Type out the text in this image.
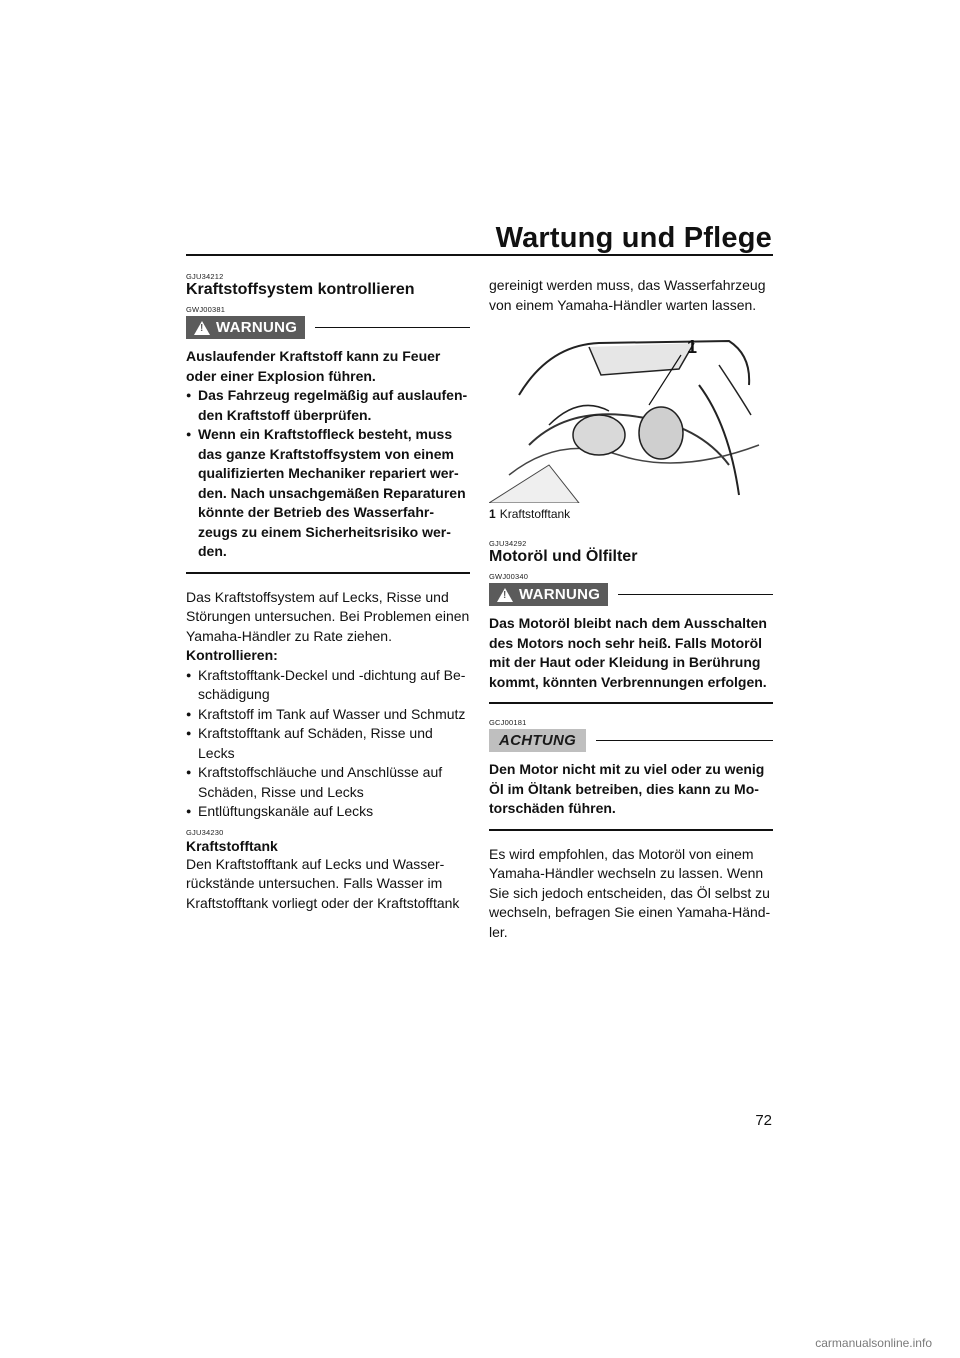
Wartung und Pflege
GJU34212
Kraftstoffsystem kontrollieren
GWJ00381
!
WARNUNG

Auslaufender Kraftstoff kann zu Feuer oder einer Explosion führen.

● Das Fahrzeug regelmäßig auf auslaufen-den Kraftstoff überprüfen.
● Wenn ein Kraftstoffleck besteht, muss das ganze Kraftstoffsystem von einem qualifizierten Mechaniker repariert wer-den. Nach unsachgemäßen Reparaturen könnte der Betrieb des Wasserfahr-zeugs zu einem Sicherheitsrisiko wer-den.

Das Kraftstoffsystem auf Lecks, Risse und Störungen untersuchen. Bei Problemen einen Yamaha-Händler zu Rate ziehen.

Kontrollieren:

● Kraftstofftank-Deckel und -dichtung auf Be-schädigung
● Kraftstoff im Tank auf Wasser und Schmutz
● Kraftstofftank auf Schäden, Risse und Lecks
● Kraftstoffschläuche und Anschlüsse auf Schäden, Risse und Lecks
● Entlüftungskanäle auf Lecks
GJU34230
Kraftstofftank

Den Kraftstofftank auf Lecks und Wasser-rückstände untersuchen. Falls Wasser im Kraftstofftank vorliegt oder der Kraftstofftank

gereinigt werden muss, das Wasserfahrzeug von einem Yamaha-Händler warten lassen.

1

1 Kraftstofftank

GJU34292
Motoröl und Ölfilter
GWJ00340
!
WARNUNG

Das Motoröl bleibt nach dem Ausschalten des Motors noch sehr heiß. Falls Motoröl mit der Haut oder Kleidung in Berührung kommt, könnten Verbrennungen erfolgen.

GCJ00181
ACHTUNG

Den Motor nicht mit zu viel oder zu wenig Öl im Öltank betreiben, dies kann zu Mo-torschäden führen.

Es wird empfohlen, das Motoröl von einem Yamaha-Händler wechseln zu lassen. Wenn Sie sich jedoch entscheiden, das Öl selbst zu wechseln, befragen Sie einen Yamaha-Händ-ler.

72

carmanualsonline.info
